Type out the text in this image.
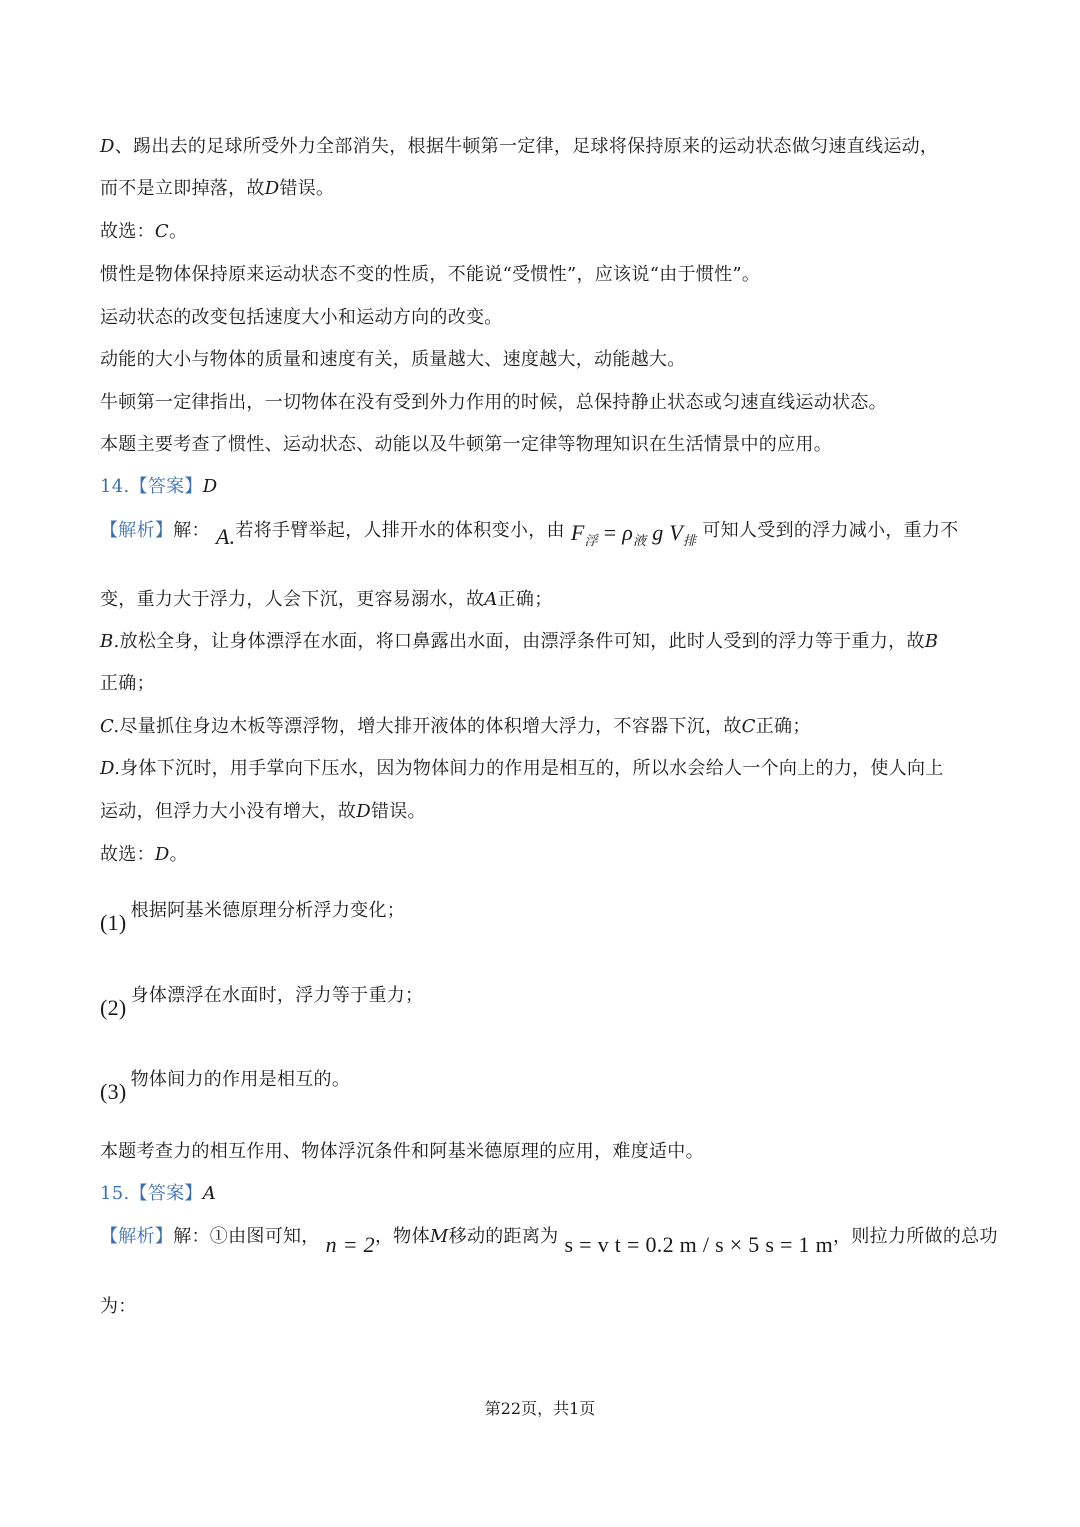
D、踢出去的足球所受外力全部消失，根据牛顿第一定律，足球将保持原来的运动状态做匀速直线运动，
而不是立即掉落，故D错误。
故选：C。
惯性是物体保持原来运动状态不变的性质，不能说“受惯性”，应该说“由于惯性”。
运动状态的改变包括速度大小和运动方向的改变。
动能的大小与物体的质量和速度有关，质量越大、速度越大，动能越大。
牛顿第一定律指出，一切物体在没有受到外力作用的时候，总保持静止状态或匀速直线运动状态。
本题主要考查了惯性、运动状态、动能以及牛顿第一定律等物理知识在生活情景中的应用。
14.【答案】D
【解析】解： A.若将手臂举起，人排开水的体积变小，由 $F_浮 = \rho_液$ g $V_排$ 可知人受到的浮力减小，重力不
变，重力大于浮力，人会下沉，更容易溺水，故A正确；
B.放松全身，让身体漂浮在水面，将口鼻露出水面，由漂浮条件可知，此时人受到的浮力等于重力，故B
正确；
C.尽量抓住身边木板等漂浮物，增大排开液体的体积增大浮力，不容器下沉，故C正确；
D.身体下沉时，用手掌向下压水，因为物体间力的作用是相互的，所以水会给人一个向上的力，使人向上
运动，但浮力大小没有增大，故D错误。
故选：D。
(1) 根据阿基米德原理分析浮力变化；
(2) 身体漂浮在水面时，浮力等于重力；
(3) 物体间力的作用是相互的。
本题考查力的相互作用、物体浮沉条件和阿基米德原理的应用，难度适中。
15.【答案】A
【解析】解：①由图可知， n = 2，物体M移动的距离为 s = v t = 0.2 m / s × 5 s = 1 m，则拉力所做的总功
为：
第22页，共1页
